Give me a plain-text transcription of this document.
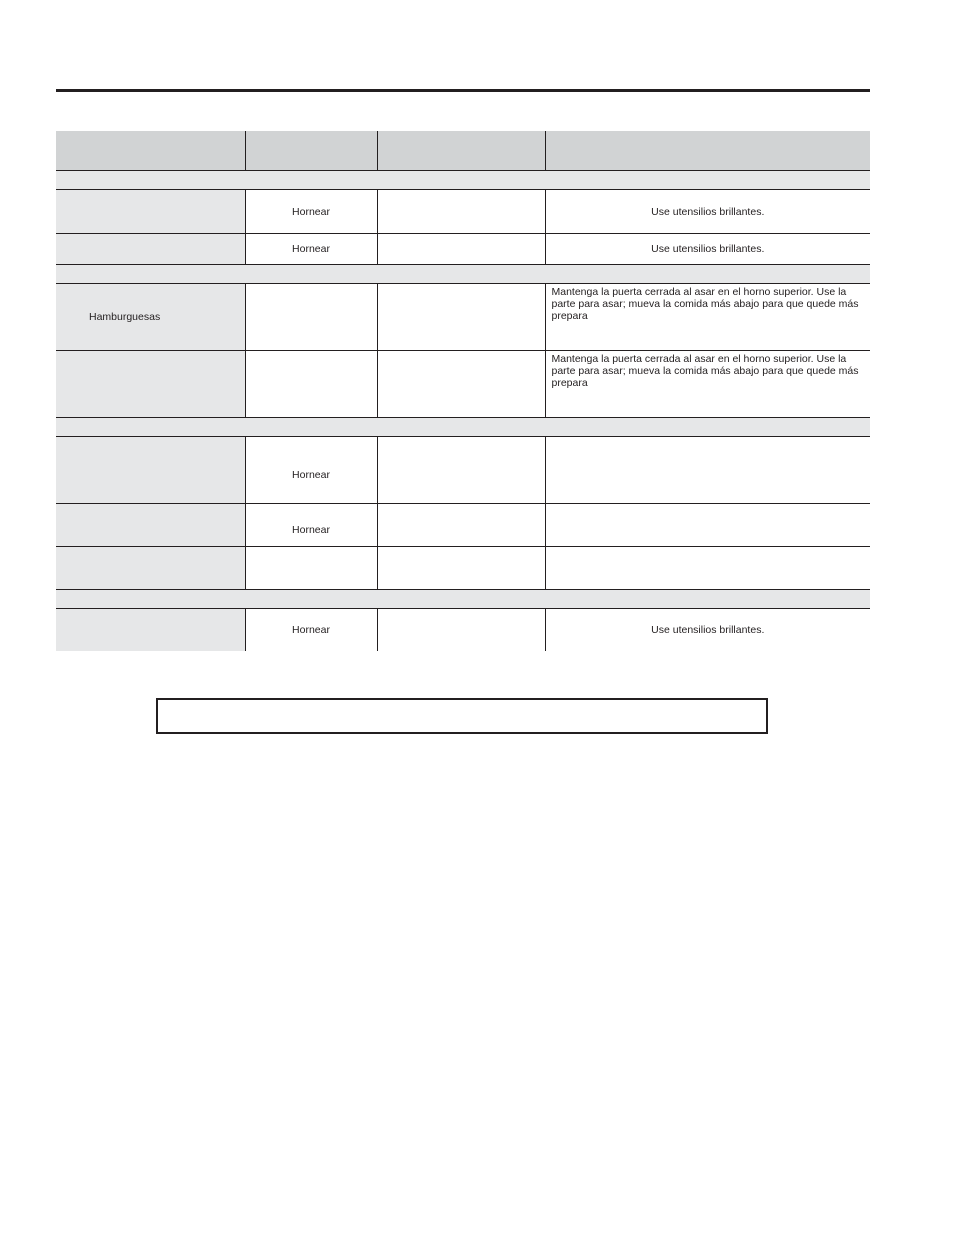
	Hornear		Use utensilios brillantes.
	Hornear		Use utensilios brillantes.

Hamburguesas			Mantenga la puerta cerrada al asar en el horno superior. Use la parte para asar; mueva la comida más abajo para que quede más prepara
			Mantenga la puerta cerrada al asar en el horno superior. Use la parte para asar; mueva la comida más abajo para que quede más prepara

	Hornear		
	Hornear		

	Hornear		Use utensilios brillantes.
